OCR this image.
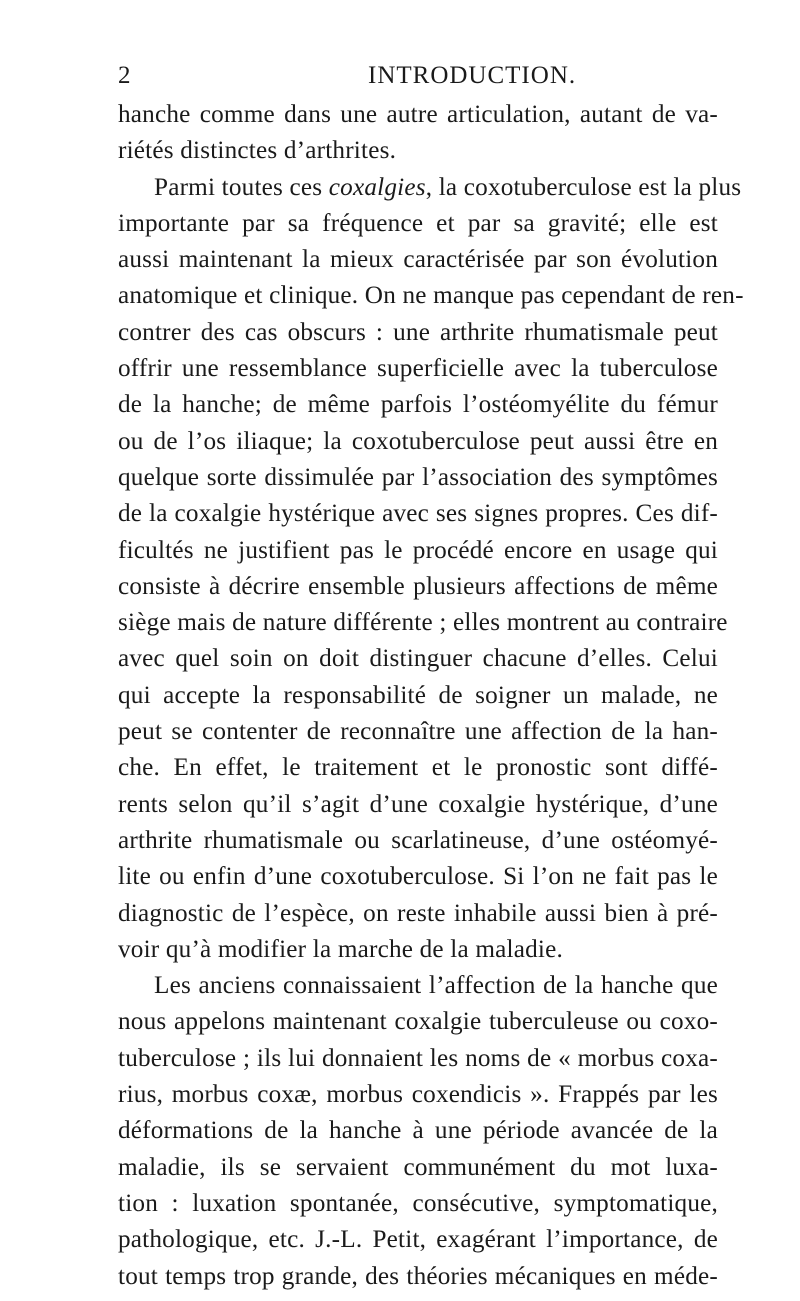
2	INTRODUCTION.
hanche comme dans une autre articulation, autant de va-
riétés distinctes d’arthrites.
Parmi toutes ces coxalgies, la coxotuberculose est la plus
importante par sa fréquence et par sa gravité; elle est
aussi maintenant la mieux caractérisée par son évolution
anatomique et clinique. On ne manque pas cependant de ren-
contrer des cas obscurs : une arthrite rhumatismale peut
offrir une ressemblance superficielle avec la tuberculose
de la hanche; de même parfois l’ostéomyélite du fémur
ou de l’os iliaque; la coxotuberculose peut aussi être en
quelque sorte dissimulée par l’association des symptômes
de la coxalgie hystérique avec ses signes propres. Ces dif-
ficultés ne justifient pas le procédé encore en usage qui
consiste à décrire ensemble plusieurs affections de même
siège mais de nature différente ; elles montrent au contraire
avec quel soin on doit distinguer chacune d’elles. Celui
qui accepte la responsabilité de soigner un malade, ne
peut se contenter de reconnaître une affection de la han-
che. En effet, le traitement et le pronostic sont diffé-
rents selon qu’il s’agit d’une coxalgie hystérique, d’une
arthrite rhumatismale ou scarlatineuse, d’une ostéomyé-
lite ou enfin d’une coxotuberculose. Si l’on ne fait pas le
diagnostic de l’espèce, on reste inhabile aussi bien à pré-
voir qu’à modifier la marche de la maladie.
Les anciens connaissaient l’affection de la hanche que
nous appelons maintenant coxalgie tuberculeuse ou coxo-
tuberculose ; ils lui donnaient les noms de « morbus coxa-
rius, morbus coxæ, morbus coxendicis ». Frappés par les
déformations de la hanche à une période avancée de la
maladie, ils se servaient communément du mot luxa-
tion : luxation spontanée, consécutive, symptomatique,
pathologique, etc. J.-L. Petit, exagérant l’importance, de
tout temps trop grande, des théories mécaniques en méde-
